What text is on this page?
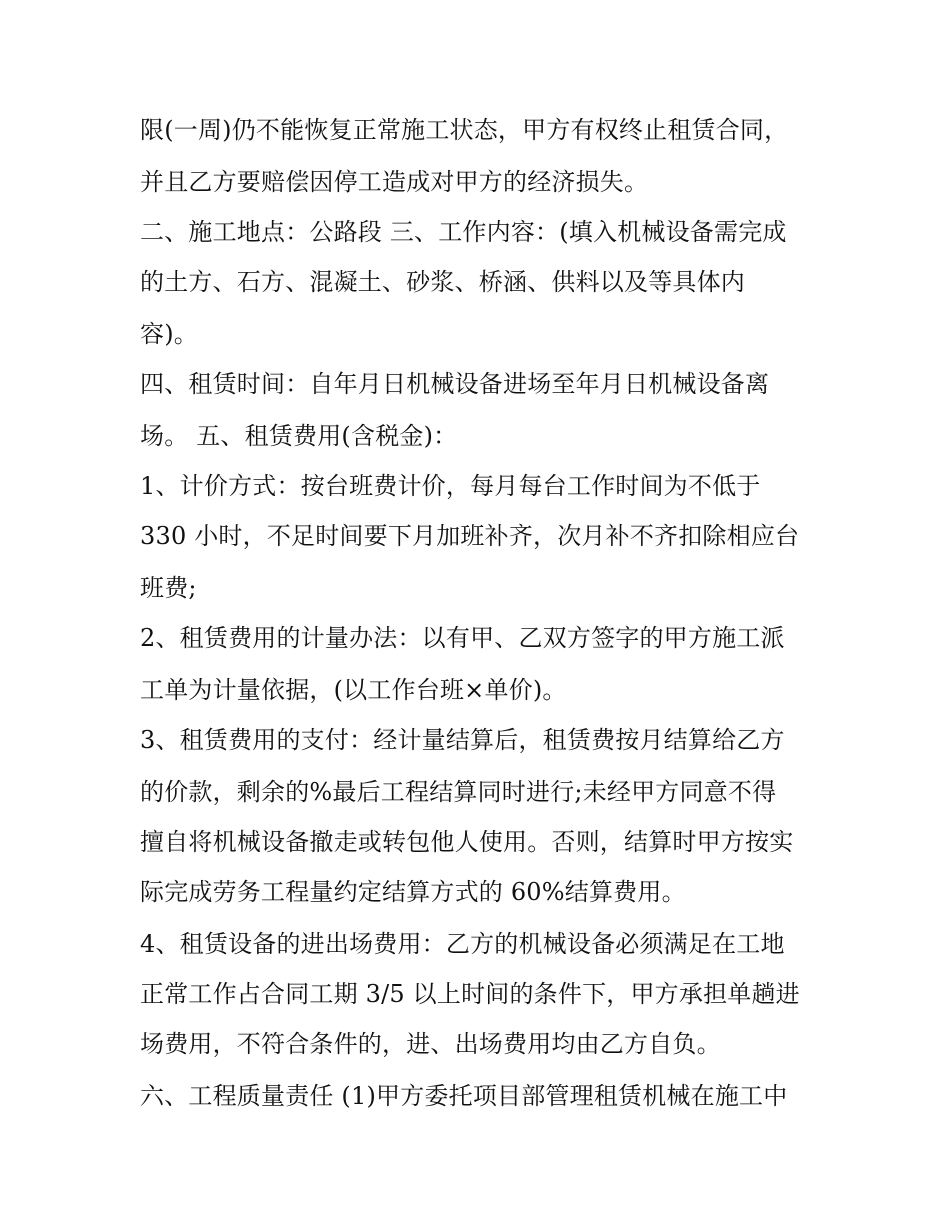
限(一周)仍不能恢复正常施工状态，甲方有权终止租赁合同，
并且乙方要赔偿因停工造成对甲方的经济损失。
二、施工地点：公路段 三、工作内容：(填入机械设备需完成
的土方、石方、混凝土、砂浆、桥涵、供料以及等具体内
容)。
四、租赁时间：自年月日机械设备进场至年月日机械设备离
场。 五、租赁费用(含税金)：
1、计价方式：按台班费计价，每月每台工作时间为不低于
330 小时，不足时间要下月加班补齐，次月补不齐扣除相应台
班费;
2、租赁费用的计量办法：以有甲、乙双方签字的甲方施工派
工单为计量依据，(以工作台班×单价)。
3、租赁费用的支付：经计量结算后，租赁费按月结算给乙方
的价款，剩余的%最后工程结算同时进行;未经甲方同意不得
擅自将机械设备撤走或转包他人使用。否则，结算时甲方按实
际完成劳务工程量约定结算方式的 60%结算费用。
4、租赁设备的进出场费用：乙方的机械设备必须满足在工地
正常工作占合同工期 3/5 以上时间的条件下，甲方承担单趟进
场费用，不符合条件的，进、出场费用均由乙方自负。
六、工程质量责任 (1)甲方委托项目部管理租赁机械在施工中
